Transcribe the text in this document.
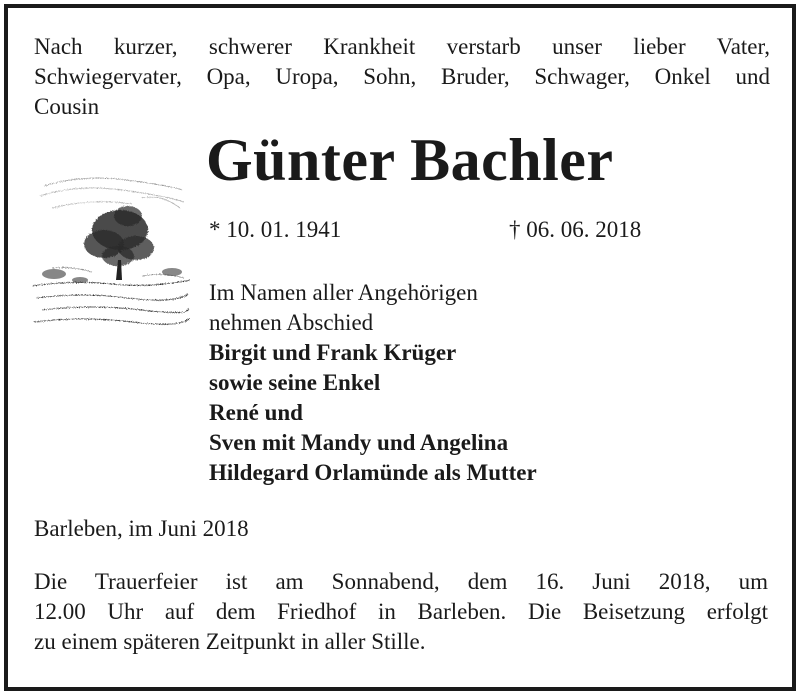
Nach kurzer, schwerer Krankheit verstarb unser lieber Vater,
Schwiegervater, Opa, Uropa, Sohn, Bruder, Schwager, Onkel und
Cousin
Günter Bachler
* 10. 01. 1941	† 06. 06. 2018
Im Namen aller Angehörigen
nehmen Abschied
Birgit und Frank Krüger
sowie seine Enkel
René und
Sven mit Mandy und Angelina
Hildegard Orlamünde als Mutter
Barleben, im Juni 2018
Die Trauerfeier ist am Sonnabend, dem 16. Juni 2018, um
12.00 Uhr auf dem Friedhof in Barleben. Die Beisetzung erfolgt
zu einem späteren Zeitpunkt in aller Stille.
